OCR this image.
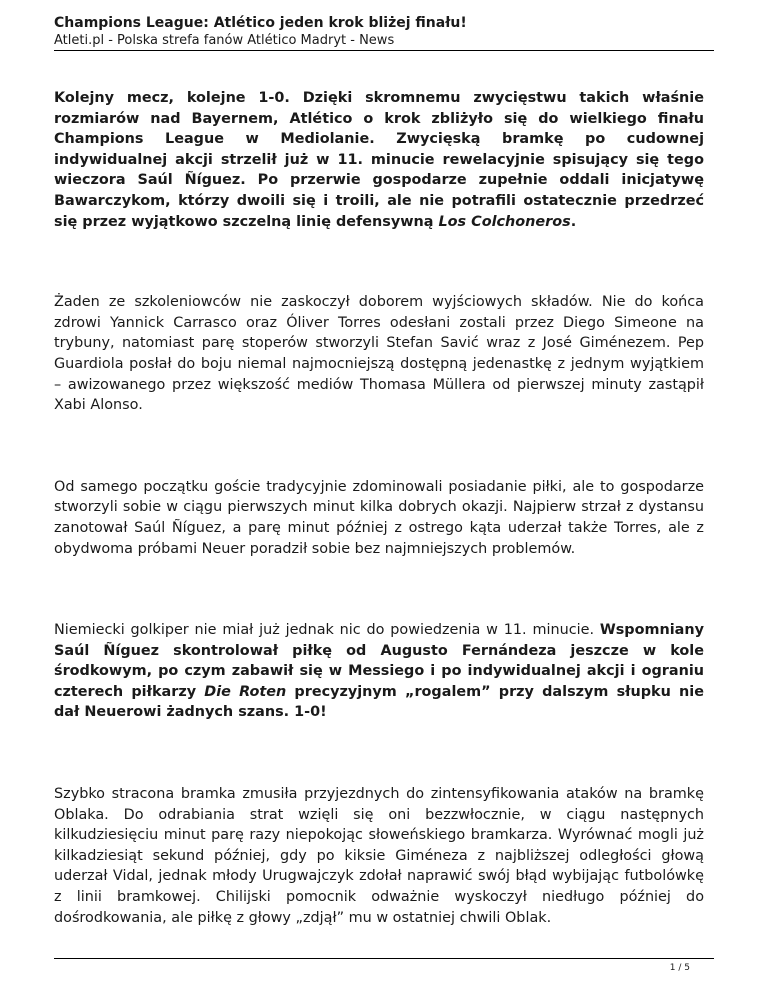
Champions League: Atlético jeden krok bliżej finału!

Atleti.pl - Polska strefa fanów Atlético Madryt - News

Kolejny mecz, kolejne 1-0. Dzięki skromnemu zwycięstwu takich właśnie rozmiarów nad Bayernem, Atlético o krok zbliżyło się do wielkiego finału Champions League w Mediolanie. Zwycięską bramkę po cudownej indywidualnej akcji strzelił już w 11. minucie rewelacyjnie spisujący się tego wieczora Saúl Ñíguez. Po przerwie gospodarze zupełnie oddali inicjatywę Bawarczykom, którzy dwoili się i troili, ale nie potrafili ostatecznie przedrzeć się przez wyjątkowo szczelną linię defensywną Los Colchoneros.

Żaden ze szkoleniowców nie zaskoczył doborem wyjściowych składów. Nie do końca zdrowi Yannick Carrasco oraz Óliver Torres odesłani zostali przez Diego Simeone na trybuny, natomiast parę stoperów stworzyli Stefan Savić wraz z José Giménezem. Pep Guardiola posłał do boju niemal najmocniejszą dostępną jedenastkę z jednym wyjątkiem – awizowanego przez większość mediów Thomasa Müllera od pierwszej minuty zastąpił Xabi Alonso.

Od samego początku goście tradycyjnie zdominowali posiadanie piłki, ale to gospodarze stworzyli sobie w ciągu pierwszych minut kilka dobrych okazji. Najpierw strzał z dystansu zanotował Saúl Ñíguez, a parę minut później z ostrego kąta uderzał także Torres, ale z obydwoma próbami Neuer poradził sobie bez najmniejszych problemów.

Niemiecki golkiper nie miał już jednak nic do powiedzenia w 11. minucie. Wspomniany Saúl Ñíguez skontrolował piłkę od Augusto Fernándeza jeszcze w kole środkowym, po czym zabawił się w Messiego i po indywidualnej akcji i ograniu czterech piłkarzy Die Roten precyzyjnym „rogalem” przy dalszym słupku nie dał Neuerowi żadnych szans. 1-0!

Szybko stracona bramka zmusiła przyjezdnych do zintensyfikowania ataków na bramkę Oblaka. Do odrabiania strat wzięli się oni bezzwłocznie, w ciągu następnych kilkudziesięciu minut parę razy niepokojąc słoweńskiego bramkarza. Wyrównać mogli już kilkadziesiąt sekund później, gdy po kiksie Giméneza z najbliższej odległości głową uderzał Vidal, jednak młody Urugwajczyk zdołał naprawić swój błąd wybijając futbolówkę z linii bramkowej. Chilijski pomocnik odważnie wyskoczył niedługo później do dośrodkowania, ale piłkę z głowy „zdjął” mu w ostatniej chwili Oblak.

1 / 5
